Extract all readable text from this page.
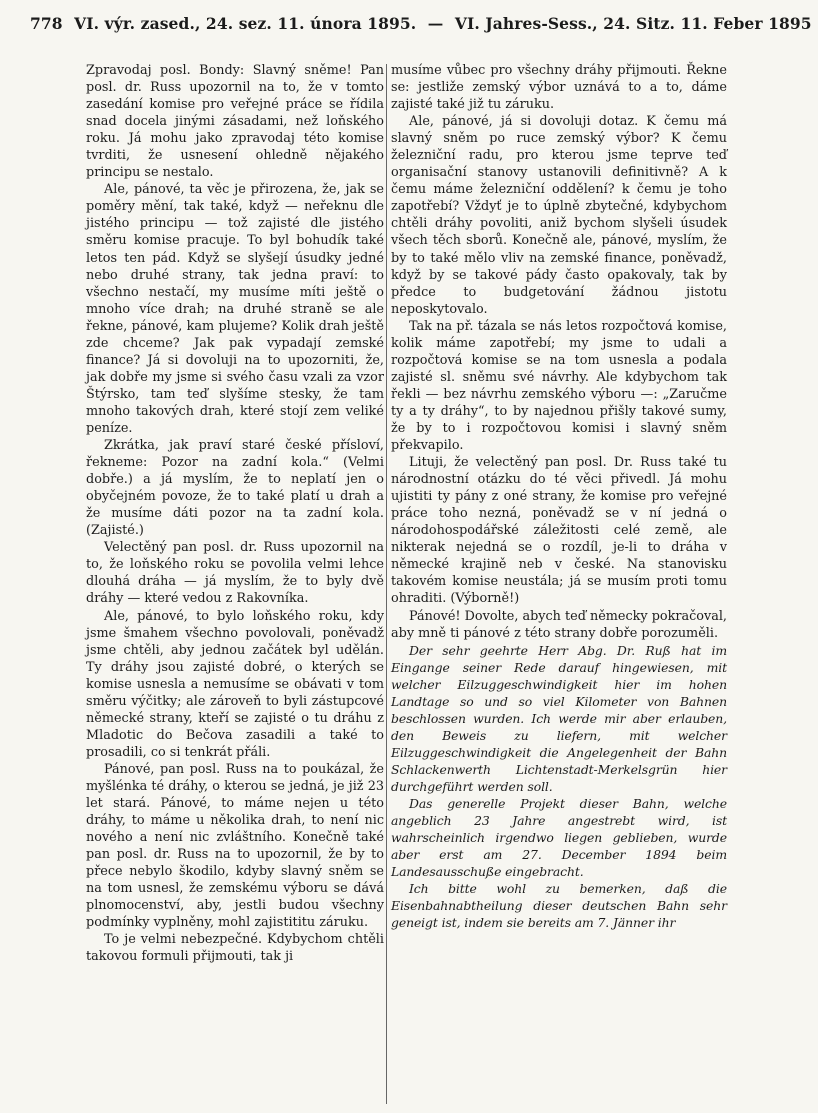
778 VI. výr. zased., 24. sez. 11. února 1895. — VI. Jahres-Sess., 24. Sitz. 11. Feber 1895

Zpravodaj posl. Bondy: Slavný sněme! Pan posl. dr. Russ upozornil na to, že v tomto zasedání komise pro veřejné práce se řídila snad docela jinými zásadami, než loňského roku. Já mohu jako zpravodaj této komise tvrditi, že usnesení ohledně nějakého principu se nestalo.

Ale, pánové, ta věc je přirozena, že, jak se poměry mění, tak také, když — neřeknu dle jistého principu — tož zajisté dle jistého směru komise pracuje. To byl bohudík také letos ten pád. Když se slyšejí úsudky jedné nebo druhé strany, tak jedna praví: to všechno nestačí, my musíme míti ještě o mnoho více drah; na druhé straně se ale řekne, pánové, kam plujeme? Kolik drah ještě zde chceme? Jak pak vypadají zemské finance? Já si dovoluji na to upozorniti, že, jak dobře my jsme si svého času vzali za vzor Štýrsko, tam teď slyšíme stesky, že tam mnoho takových drah, které stojí zem veliké peníze.

Zkrátka, jak praví staré české přísloví, řekneme: Pozor na zadní kola.“ (Velmi dobře.) a já myslím, že to neplatí jen o obyčejném povoze, že to také platí u drah a že musíme dáti pozor na ta zadní kola. (Zajisté.)

Velectěný pan posl. dr. Russ upozornil na to, že loňského roku se povolila velmi lehce dlouhá dráha — já myslím, že to byly dvě dráhy — které vedou z Rakovníka.

Ale, pánové, to bylo loňského roku, kdy jsme šmahem všechno povolovali, poněvadž jsme chtěli, aby jednou začátek byl udělán. Ty dráhy jsou zajisté dobré, o kterých se komise usnesla a nemusíme se obávati v tom směru výčitky; ale zároveň to byli zástupcové německé strany, kteří se zajisté o tu dráhu z Mladotic do Bečova zasadili a také to prosadili, co si tenkrát přáli.

Pánové, pan posl. Russ na to poukázal, že myšlénka té dráhy, o kterou se jedná, je již 23 let stará. Pánové, to máme nejen u této dráhy, to máme u několika drah, to není nic nového a není nic zvláštního. Konečně také pan posl. dr. Russ na to upozornil, že by to přece nebylo škodilo, kdyby slavný sněm se na tom usnesl, že zemskému výboru se dává plnomocenství, aby, jestli budou všechny podmínky vyplněny, mohl zajistititu záruku.

To je velmi nebezpečné. Kdybychom chtěli takovou formuli přijmouti, tak ji

musíme vůbec pro všechny dráhy přijmouti. Řekne se: jestliže zemský výbor uznává to a to, dáme zajisté také již tu záruku.

Ale, pánové, já si dovoluji dotaz. K čemu má slavný sněm po ruce zemský výbor? K čemu železniční radu, pro kterou jsme teprve teď organisační stanovy ustanovili definitivně? A k čemu máme železniční oddělení? k čemu je toho zapotřebí? Vždyť je to úplně zbytečné, kdybychom chtěli dráhy povoliti, aniž bychom slyšeli úsudek všech těch sborů. Konečně ale, pánové, myslím, že by to také mělo vliv na zemské finance, poněvadž, když by se takové pády často opakovaly, tak by předce to budgetování žádnou jistotu neposkytovalo.

Tak na př. tázala se nás letos rozpočtová komise, kolik máme zapotřebí; my jsme to udali a rozpočtová komise se na tom usnesla a podala zajisté sl. sněmu své návrhy. Ale kdybychom tak řekli — bez návrhu zemského výboru —: „Zaručme ty a ty dráhy“, to by najednou přišly takové sumy, že by to i rozpočtovou komisi i slavný sněm překvapilo.

Lituji, že velectěný pan posl. Dr. Russ také tu národnostní otázku do té věci přivedl. Já mohu ujistiti ty pány z oné strany, že komise pro veřejné práce toho nezná, poněvadž se v ní jedná o národohospodářské záležitosti celé země, ale nikterak nejedná se o rozdíl, je-li to dráha v německé krajině neb v české. Na stanovisku takovém komise neustála; já se musím proti tomu ohraditi. (Výborně!)

Pánové! Dovolte, abych teď německy pokračoval, aby mně ti pánové z této strany dobře porozuměli.

Der sehr geehrte Herr Abg. Dr. Ruß hat im Eingange seiner Rede darauf hingewiesen, mit welcher Eilzuggeschwindigkeit hier im hohen Landtage so und so viel Kilometer von Bahnen beschlossen wurden. Ich werde mir aber erlauben, den Beweis zu liefern, mit welcher Eilzuggeschwindigkeit die Angelegenheit der Bahn Schlackenwerth Lichtenstadt-Merkelsgrün hier durchgeführt werden soll.

Das generelle Projekt dieser Bahn, welche angeblich 23 Jahre angestrebt wird, ist wahrscheinlich irgendwo liegen geblieben, wurde aber erst am 27. December 1894 beim Landesausschuße eingebracht.

Ich bitte wohl zu bemerken, daß die Eisenbahnabtheilung dieser deutschen Bahn sehr geneigt ist, indem sie bereits am 7. Jänner ihr
